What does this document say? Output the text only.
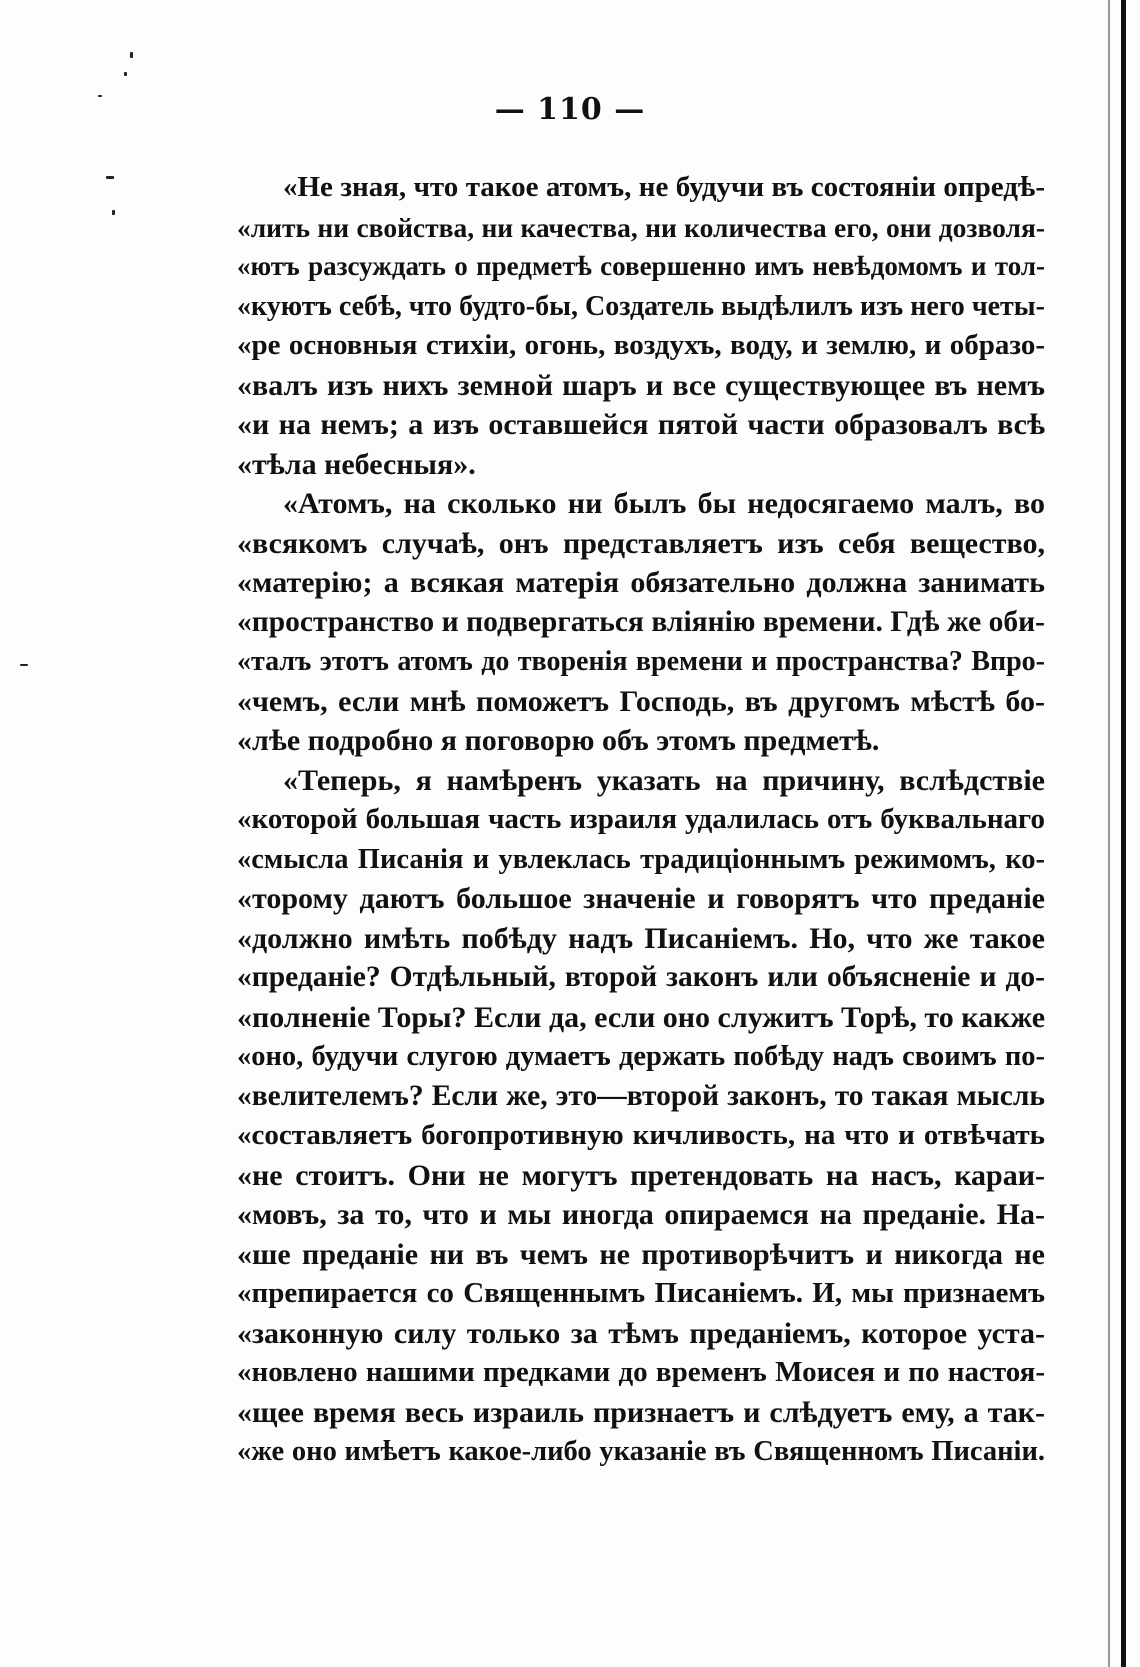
— 110 —
«Не зная, что такое атомъ, не будучи въ состояніи опредѣ-
«лить ни свойства, ни качества, ни количества его, они дозволя-
«ютъ разсуждать о предметѣ совершенно имъ невѣдомомъ и тол-
«куютъ себѣ, что будто-бы, Создатель выдѣлилъ изъ него четы-
«ре основныя стихіи, огонь, воздухъ, воду, и землю, и образо-
«валъ изъ нихъ земной шаръ и все существующее въ немъ
«и на немъ; а изъ оставшейся пятой части образовалъ всѣ
«тѣла небесныя».
«Атомъ, на сколько ни былъ бы недосягаемо малъ, во
«всякомъ случаѣ, онъ представляетъ изъ себя вещество,
«матерію; а всякая матерія обязательно должна занимать
«пространство и подвергаться вліянію времени. Гдѣ же оби-
«талъ этотъ атомъ до творенія времени и пространства? Впро-
«чемъ, если мнѣ поможетъ Господь, въ другомъ мѣстѣ бо-
«лѣе подробно я поговорю объ этомъ предметѣ.
«Теперь, я намѣренъ указать на причину, вслѣдствіе
«которой большая часть израиля удалилась отъ буквальнаго
«смысла Писанія и увлеклась традиціоннымъ режимомъ, ко-
«торому даютъ большое значеніе и говорятъ что преданіе
«должно имѣть побѣду надъ Писаніемъ. Но, что же такое
«преданіе? Отдѣльный, второй законъ или объясненіе и до-
«полненіе Торы? Если да, если оно служитъ Торѣ, то какже
«оно, будучи слугою думаетъ держать побѣду надъ своимъ по-
«велителемъ? Если же, это—второй законъ, то такая мысль
«составляетъ богопротивную кичливость, на что и отвѣчать
«не стоитъ. Они не могутъ претендовать на насъ, караи-
«мовъ, за то, что и мы иногда опираемся на преданіе. На-
«ше преданіе ни въ чемъ не противорѣчитъ и никогда не
«препирается со Священнымъ Писаніемъ. И, мы признаемъ
«законную силу только за тѣмъ преданіемъ, которое уста-
«новлено нашими предками до временъ Моисея и по настоя-
«щее время весь израиль признаетъ и слѣдуетъ ему, а так-
«же оно имѣетъ какое-либо указаніе въ Священномъ Писаніи.
